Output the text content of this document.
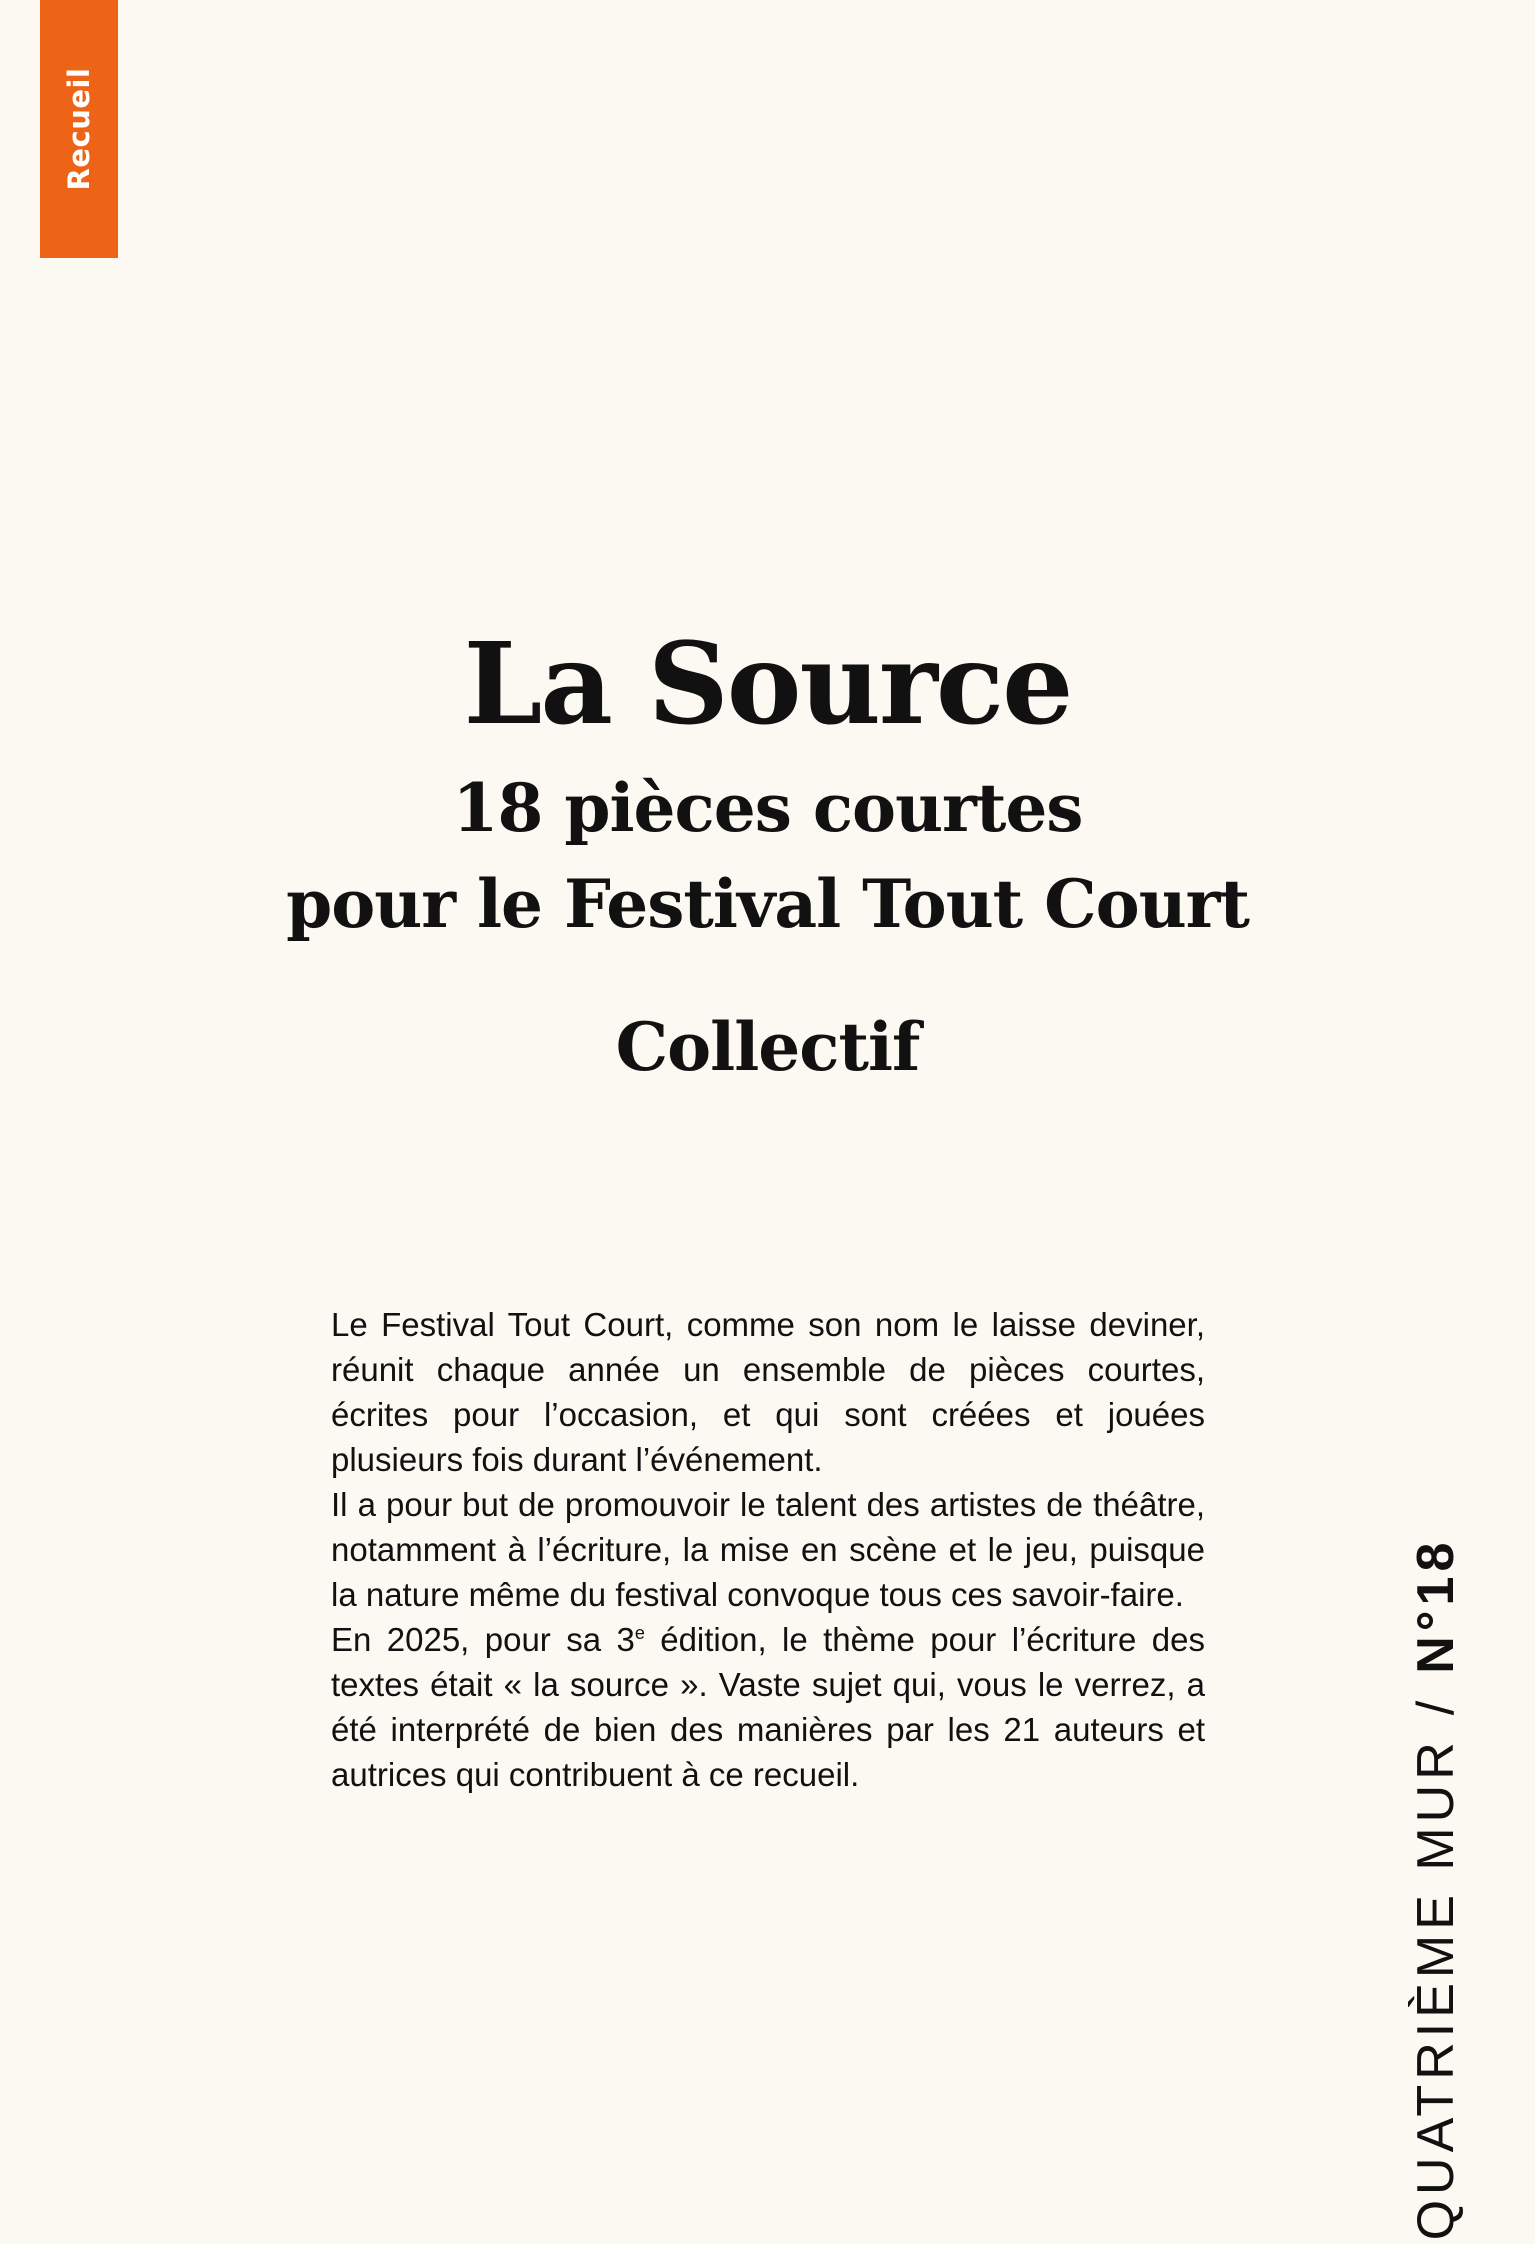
Recueil
La Source
18 pièces courtes
pour le Festival Tout Court
Collectif

Le Festival Tout Court, comme son nom le laisse deviner, réunit chaque année un ensemble de pièces courtes, écrites pour l’occasion, et qui sont créées et jouées plusieurs fois durant l’événement.

Il a pour but de promouvoir le talent des artistes de théâtre, notamment à l’écriture, la mise en scène et le jeu, puisque la nature même du festival convoque tous ces savoir-faire.

En 2025, pour sa 3e édition, le thème pour l’écriture des textes était « la source ». Vaste sujet qui, vous le verrez, a été interprété de bien des manières par les 21 auteurs et autrices qui contribuent à ce recueil.	QUATRIÈME MUR/N°18
